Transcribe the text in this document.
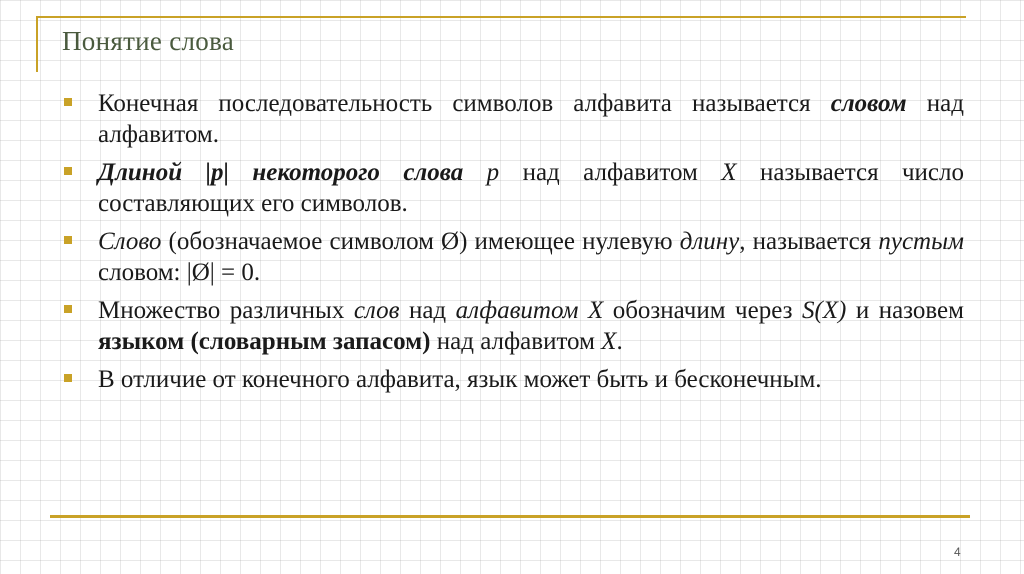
Понятие слова
Конечная последовательность символов алфавита называется словом над алфавитом.
Длиной |р| некоторого слова р над алфавитом X называется число составляющих его символов.
Слово (обозначаемое символом Ø) имеющее нулевую длину, называется пустым словом: |Ø| = 0.
Множество различных слов над алфавитом X обозначим через S(X) и назовем языком (словарным запасом) над алфавитом X.
В отличие от конечного алфавита, язык может быть и бесконечным.
4
